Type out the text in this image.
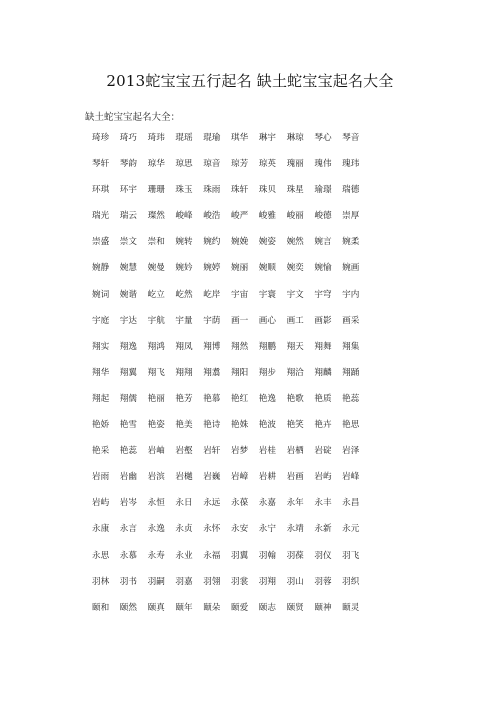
2013蛇宝宝五行起名 缺土蛇宝宝起名大全
缺土蛇宝宝起名大全：
琦珍	琦巧	琦玮	琨瑶	琨瑜	琪华	琳宇	琳琼	琴心	琴音
琴轩	琴韵	琼华	琼思	琼音	琼芳	琼英	瑰丽	瑰伟	瑰玮
环琪	环宇	珊珊	珠玉	珠雨	珠轩	珠贝	珠星	瑜璟	瑞德
瑞光	瑞云	璨然	峻峰	峻浩	峻严	峻雅	峻丽	峻德	崇厚
崇盛	崇文	崇和	婉转	婉约	婉娩	婉姿	婉然	婉言	婉柔
婉静	婉慧	婉曼	婉妗	婉婷	婉丽	婉顺	婉奕	婉愉	婉画
婉词	婉谐	屹立	屹然	屹岸	宇宙	宇寰	宇文	宇穹	宇内
宇庭	宇达	宇航	宇量	宇荫	画一	画心	画工	画影	画采
翔实	翔逸	翔鸿	翔凤	翔博	翔然	翔鹏	翔天	翔舞	翔集
翔华	翔翼	翔飞	翔翔	翔翥	翔阳	翔步	翔洽	翔麟	翔踊
翔起	翔儒	艳丽	艳芳	艳慕	艳红	艳逸	艳歌	艳质	艳蕊
艳娇	艳雪	艳姿	艳美	艳诗	艳姝	艳波	艳笑	艳卉	艳思
艳采	艳蕊	岩岫	岩壑	岩轩	岩梦	岩桂	岩栖	岩碇	岩泽
岩雨	岩幽	岩滨	岩樾	岩巍	岩嶂	岩耕	岩画	岩屿	岩峰
岩屿	岩岑	永恒	永日	永远	永葆	永嘉	永年	永丰	永昌
永康	永言	永逸	永贞	永怀	永安	永宁	永靖	永新	永元
永思	永慕	永寿	永业	永福	羽翼	羽翰	羽葆	羽仪	羽飞
羽林	羽书	羽嗣	羽嘉	羽翎	羽裳	羽翔	羽山	羽蓉	羽织
颐和	颐然	颐真	颐年	颐朵	颐爱	颐志	颐贤	颐神	颐灵
